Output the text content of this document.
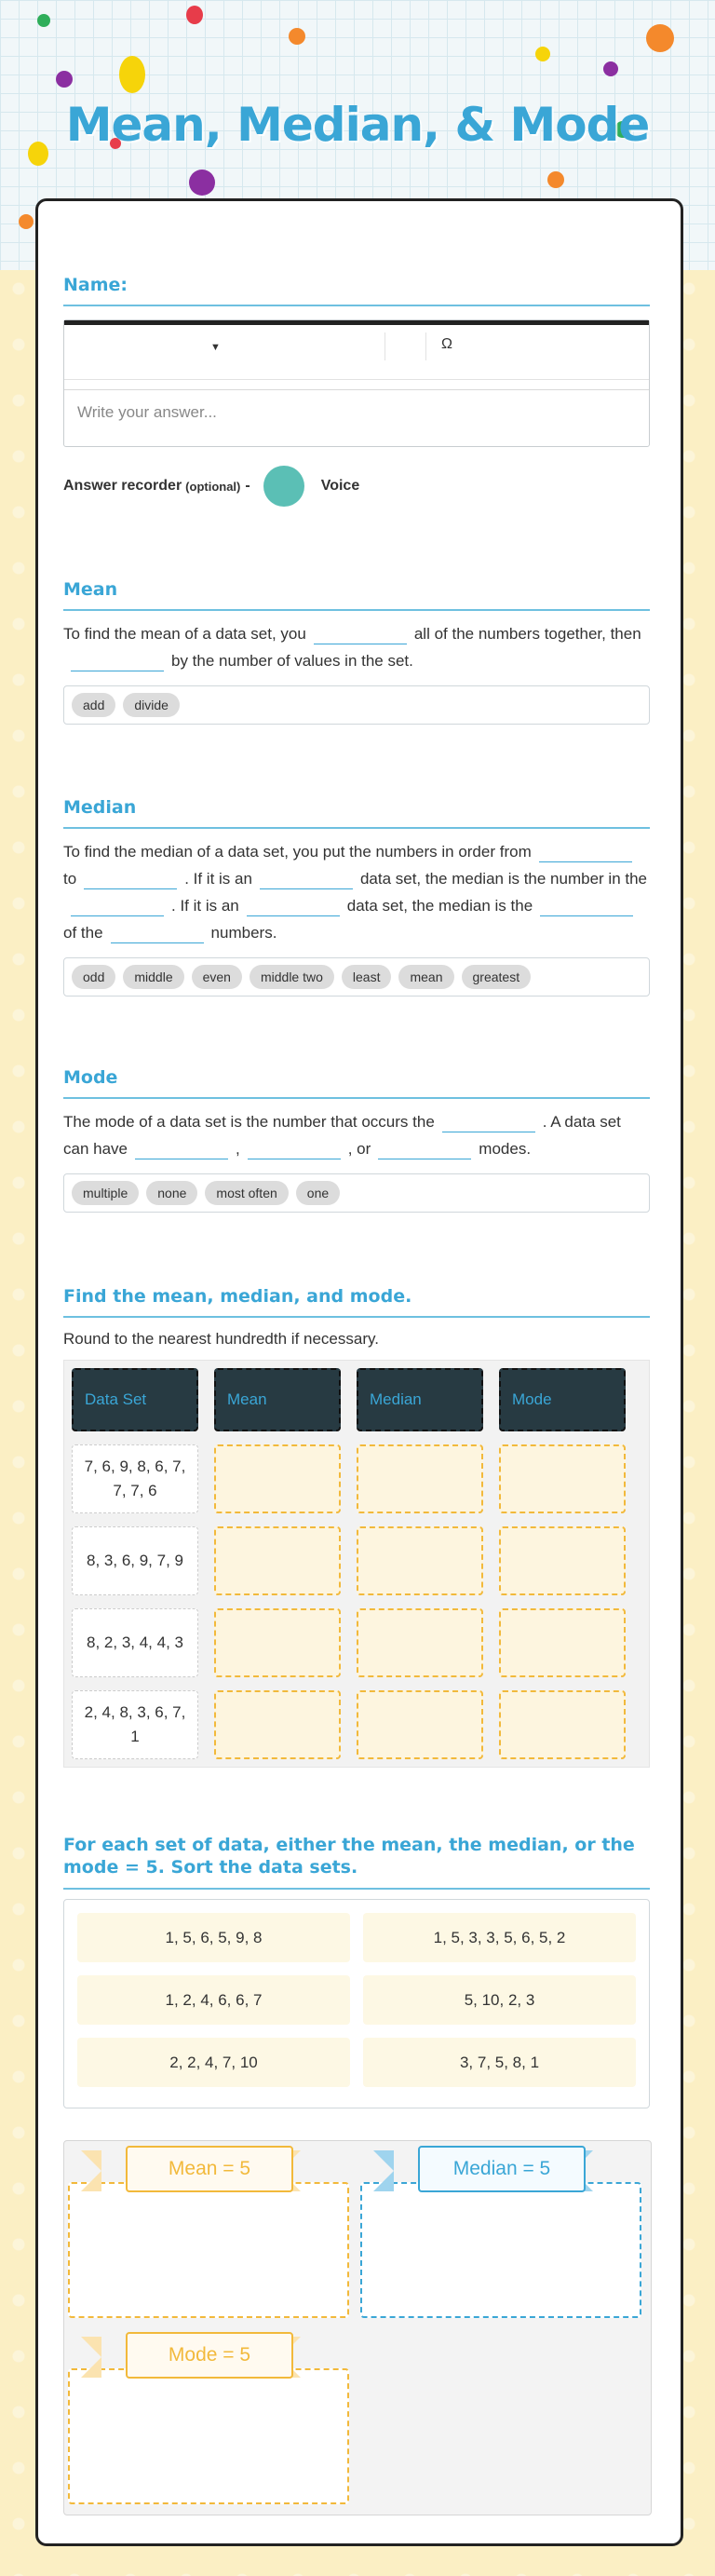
Mean, Median, & Mode
Name:
▼	Ω
Write your answer...
Answer recorder (optional) -	Voice
Mean
To find the mean of a data set, you	all of the numbers together, thenby the number of values in the set.
add	divide
Median
To find the median of a data set, you put the numbers in order fromto	. If it is an	data set, the median is the number in the. If it is an	data set, the median is theof the	numbers.
odd	middle	even	middle two	least	mean	greatest
Mode
The mode of a data set is the number that occurs the	. A data set can have	,	, or	modes.
multiple	none	most often	one
Find the mean, median, and mode.
Round to the nearest hundredth if necessary.
Data Set	Mean	Median	Mode
7, 6, 9, 8, 6, 7, 7, 7, 6
8, 3, 6, 9, 7, 9
8, 2, 3, 4, 4, 3
2, 4, 8, 3, 6, 7, 1
For each set of data, either the mean, the median, or the mode = 5. Sort the data sets.
1, 5, 6, 5, 9, 8	1, 5, 3, 3, 5, 6, 5, 2
1, 2, 4, 6, 6, 7	5, 10, 2, 3
2, 2, 4, 7, 10	3, 7, 5, 8, 1
Mean = 5	Median = 5
Mode = 5
